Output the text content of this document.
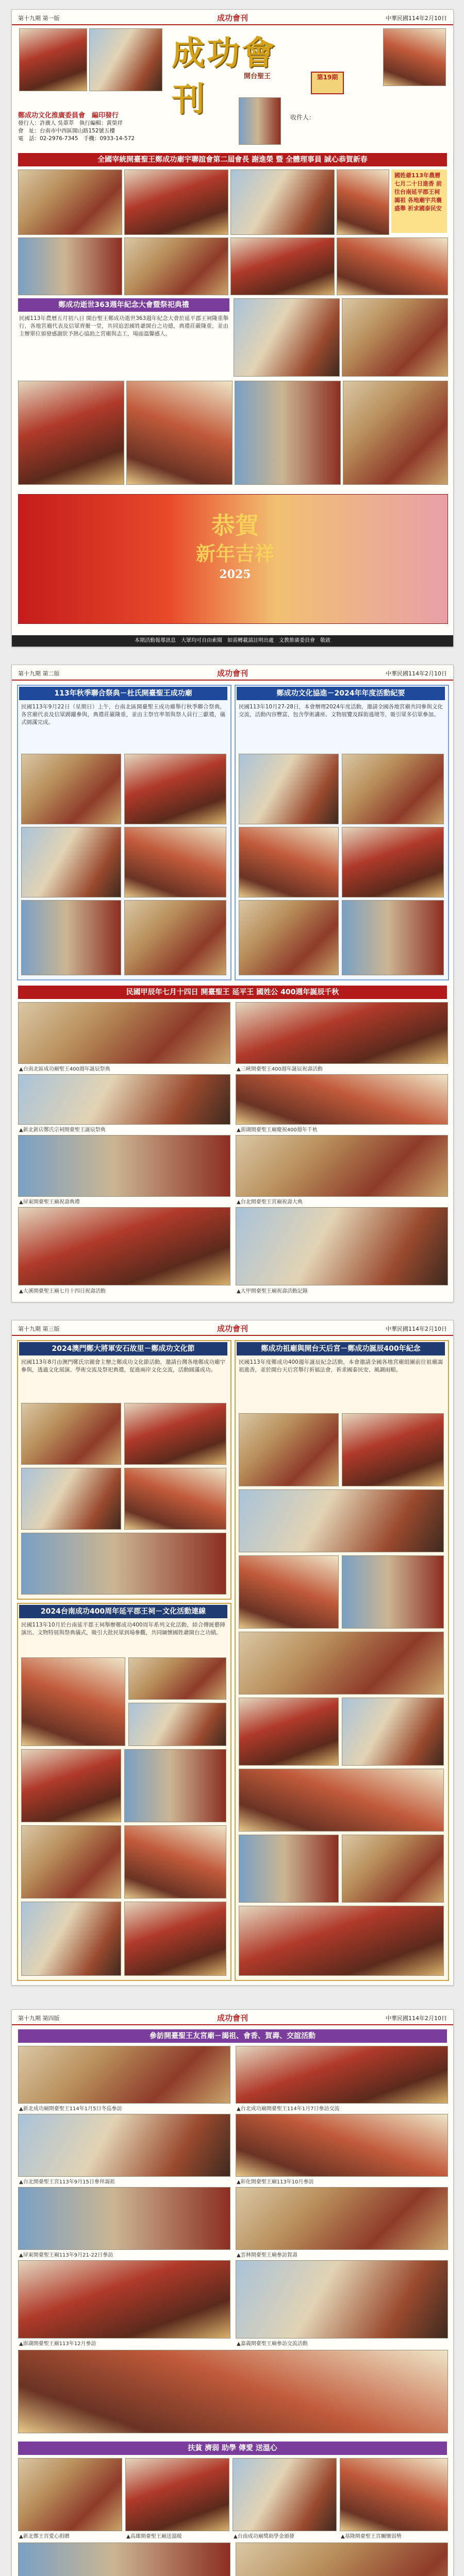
第十九期 第一版	成功會刊	中華民國114年2月10日
成功會刊
開台聖王	第19期
收件人：
鄭成功文化推廣委員會　編印發行
發行人：許廣人 吳葦萃　執行編輯：黃榮祥
會　址：台南市中西區開山路152號五樓
電　話：02-2976-7345　手機：0933-14-572
全國宰統開臺聖王鄭成功廟宇聯誼會第二屆會長 謝進榮 暨 全體理事員 誠心恭賀新春
國姓爺113年農曆七月二十日進香 前往台南延平郡王祠謁祖 各地廟宇共襄盛舉 祈求國泰民安
鄭成功逝世363週年紀念大會暨祭祀典禮
民國113年農曆五月初八日 開台聖王鄭成功逝世363週年紀念大會於延平郡王祠隆重舉行，各地宮廟代表及信眾齊聚一堂，共同追思國姓爺開台之功德，典禮莊嚴隆重，並由主辦單位頒發感謝狀予熱心協助之宮廟與志工，場面溫馨感人。
恭賀
新年吉祥
2025
本期活動報導訊息　大眾均可自由索閱　如需轉載請註明出處　文教推廣委員會　敬啟
第十九期 第二版	成功會刊	中華民國114年2月10日
113年秋季聯合祭典－杜氏開臺聖王成功廟
民國113年9月22日（星期日）上午，台南北區開臺聖王成功廟舉行秋季聯合祭典，各宮廟代表及信眾踴躍參與，典禮莊嚴隆重，並由主祭官率領與祭人員行三獻禮，儀式圓滿完成。
鄭成功文化協進－2024年年度活動紀要
民國113年10月27-28日，本會辦理2024年度活動，邀請全國各地宮廟共同參與文化交流，活動內容豐富，包含學術講座、文物展覽及踩街遶境等，吸引眾多信眾參加。
民國甲辰年七月十四日 開臺聖王 延平王 國姓公 400週年誕辰千秋
▲台南北區成功廟聖王400週年誕辰祭典	▲三峽開臺聖王400週年誕辰祝壽活動
▲新北新店鄭氏宗祠開臺聖王誕辰祭典	▲澎湖開臺聖王廟慶祝400週年千秋
▲屏東開臺聖王廟祝壽典禮	▲台北開臺聖王宮廟祝壽大典
▲大溪開臺聖王廟七月十四日祝壽活動	▲大甲開臺聖王廟祝壽活動記錄
第十九期 第三版	成功會刊	中華民國114年2月10日
2024澳門鄭大將軍安石故里－鄭成功文化節
民國113年8月由澳門鄭氏宗親會主辦之鄭成功文化節活動，邀請台灣各地鄭成功廟宇參與，透過文化展演、學術交流及祭祀典禮，促進兩岸文化交流，活動圓滿成功。
鄭成功祖廟與開台天后宮－鄭成功誕辰400年紀念
民國113年度鄭成功400週年誕辰紀念活動，本會邀請全國各地宮廟組團前往祖廟謁祖進香，並於開台天后宮舉行祈福法會，祈求國泰民安、風調雨順。
2024台南成功400周年延平郡王祠－文化活動連線
民國113年10月於台南延平郡王祠舉辦鄭成功400周年系列文化活動，結合傳統藝陣演出、文物特展與祭典儀式，吸引大批民眾到場參觀，共同緬懷國姓爺開台之功績。
第十九期 第四版	成功會刊	中華民國114年2月10日
參訪開臺聖王友宮廟－謁祖、會香、賀壽、交誼活動
▲新北成功廟開臺聖王114年1月5日冬巡參訪	▲台北成功廟開臺聖王114年1月7日參訪交流
▲台北開臺聖王宮113年9月15日參拜謁祖	▲彰化開臺聖王廟113年10月參訪
▲屏東開臺聖王廟113年9月21-22日參訪	▲雲林開臺聖王廟參訪賀壽
▲澎湖開臺聖王廟113年12月參訪	▲嘉義開臺聖王廟參訪交流活動
扶貧 濟弱 助學 傳愛 送溫心
▲新北鄭王宮愛心捐贈	▲高雄開臺聖王廟送溫暖	▲台南成功廟獎助學金頒發	▲基隆開臺聖王宮關懷弱勢
